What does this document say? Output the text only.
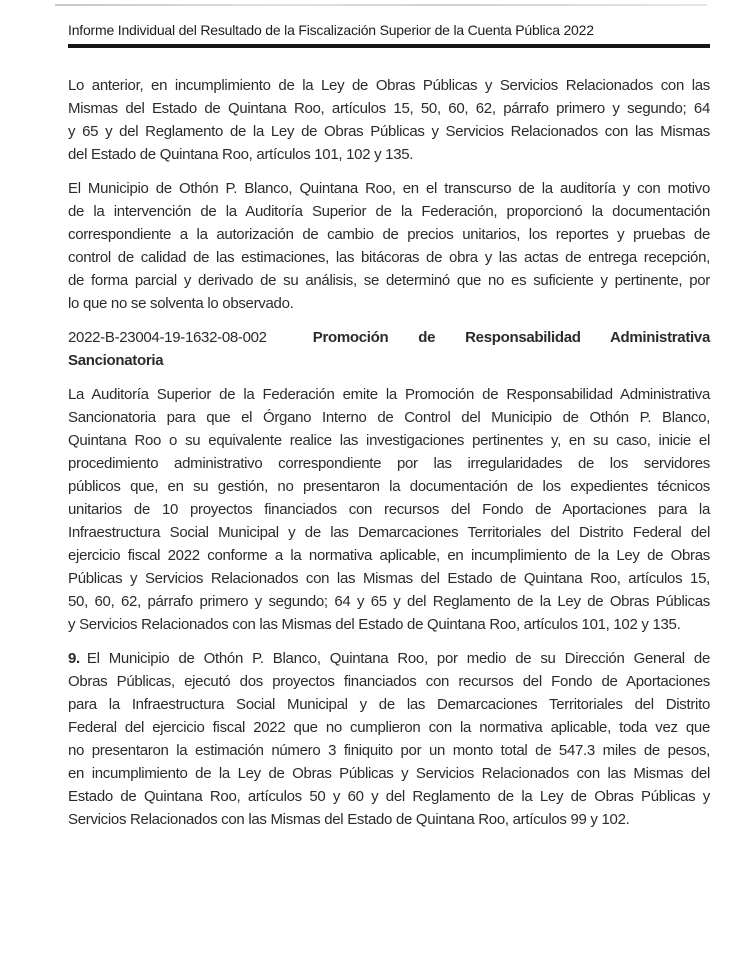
Informe Individual del Resultado de la Fiscalización Superior de la Cuenta Pública 2022
Lo anterior, en incumplimiento de la Ley de Obras Públicas y Servicios Relacionados con las
Mismas del Estado de Quintana Roo, artículos 15, 50, 60, 62, párrafo primero y segundo; 64
y 65 y del Reglamento de la Ley de Obras Públicas y Servicios Relacionados con las Mismas
del Estado de Quintana Roo, artículos 101, 102 y 135.
El Municipio de Othón P. Blanco, Quintana Roo, en el transcurso de la auditoría y con motivo
de la intervención de la Auditoría Superior de la Federación, proporcionó la documentación
correspondiente a la autorización de cambio de precios unitarios, los reportes y pruebas de
control de calidad de las estimaciones, las bitácoras de obra y las actas de entrega recepción,
de forma parcial y derivado de su análisis, se determinó que no es suficiente y pertinente, por
lo que no se solventa lo observado.
2022-B-23004-19-1632-08-002	Promoción de Responsabilidad Administrativa
Sancionatoria
La Auditoría Superior de la Federación emite la Promoción de Responsabilidad Administrativa
Sancionatoria para que el Órgano Interno de Control del Municipio de Othón P. Blanco,
Quintana Roo o su equivalente realice las investigaciones pertinentes y, en su caso, inicie el
procedimiento administrativo correspondiente por las irregularidades de los servidores
públicos que, en su gestión, no presentaron la documentación de los expedientes técnicos
unitarios de 10 proyectos financiados con recursos del Fondo de Aportaciones para la
Infraestructura Social Municipal y de las Demarcaciones Territoriales del Distrito Federal del
ejercicio fiscal 2022 conforme a la normativa aplicable, en incumplimiento de la Ley de Obras
Públicas y Servicios Relacionados con las Mismas del Estado de Quintana Roo, artículos 15,
50, 60, 62, párrafo primero y segundo; 64 y 65 y del Reglamento de la Ley de Obras Públicas
y Servicios Relacionados con las Mismas del Estado de Quintana Roo, artículos 101, 102 y 135.
9. El Municipio de Othón P. Blanco, Quintana Roo, por medio de su Dirección General de
Obras Públicas, ejecutó dos proyectos financiados con recursos del Fondo de Aportaciones
para la Infraestructura Social Municipal y de las Demarcaciones Territoriales del Distrito
Federal del ejercicio fiscal 2022 que no cumplieron con la normativa aplicable, toda vez que
no presentaron la estimación número 3 finiquito por un monto total de 547.3 miles de pesos,
en incumplimiento de la Ley de Obras Públicas y Servicios Relacionados con las Mismas del
Estado de Quintana Roo, artículos 50 y 60 y del Reglamento de la Ley de Obras Públicas y
Servicios Relacionados con las Mismas del Estado de Quintana Roo, artículos 99 y 102.
